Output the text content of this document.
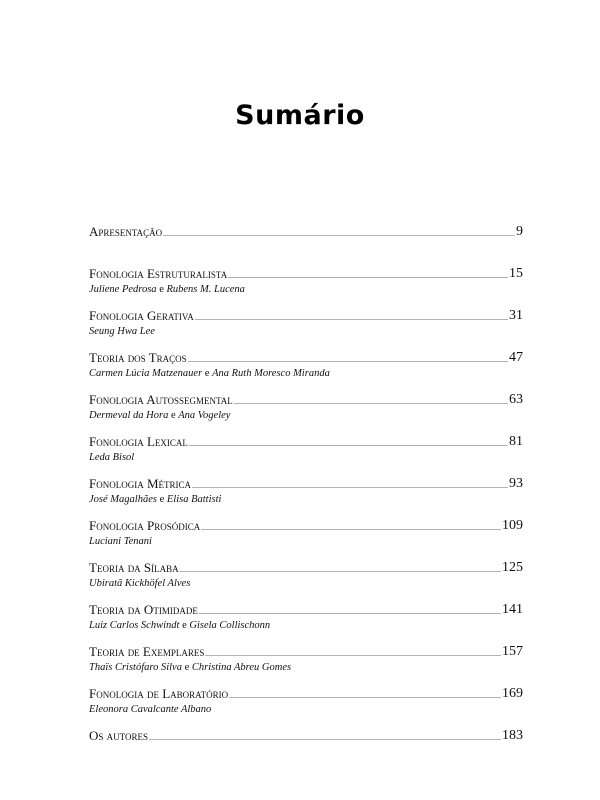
Sumário
Apresentação	9
Fonologia Estruturalista	15
Juliene Pedrosa e Rubens M. Lucena
Fonologia Gerativa	31
Seung Hwa Lee
Teoria dos Traços	47
Carmen Lúcia Matzenauer e Ana Ruth Moresco Miranda
Fonologia Autossegmental	63
Dermeval da Hora e Ana Vogeley
Fonologia Lexical	81
Leda Bisol
Fonologia Métrica	93
José Magalhães e Elisa Battisti
Fonologia Prosódica	109
Luciani Tenani
Teoria da Sílaba	125
Ubiratã Kickhöfel Alves
Teoria da Otimidade	141
Luiz Carlos Schwindt e Gisela Collischonn
Teoria de Exemplares	157
Thaïs Cristófaro Silva e Christina Abreu Gomes
Fonologia de Laboratório	169
Eleonora Cavalcante Albano
Os autores	183
